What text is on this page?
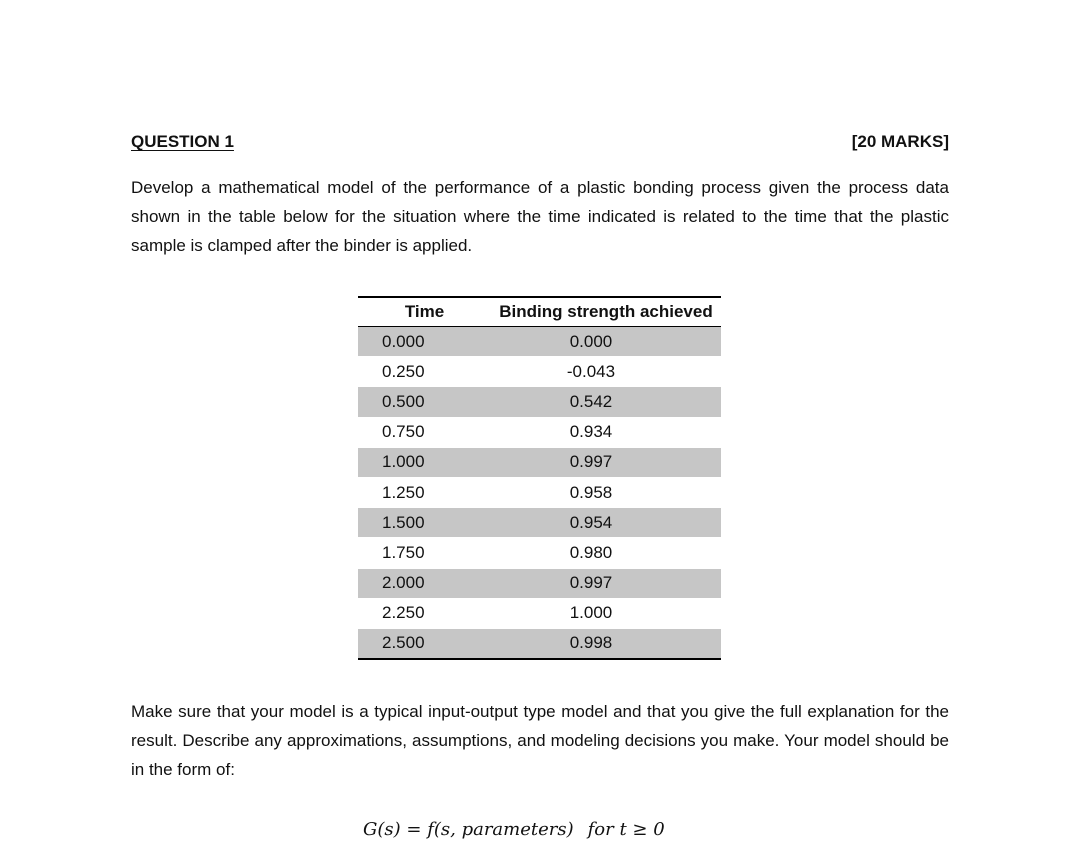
QUESTION 1	[20 MARKS]
Develop a mathematical model of the performance of a plastic bonding process given the process data shown in the table below for the situation where the time indicated is related to the time that the plastic sample is clamped after the binder is applied.
Make sure that your model is a typical input-output type model and that you give the full explanation for the result. Describe any approximations, assumptions, and modeling decisions you make. Your model should be in the form of:
Time	Binding strength achieved
0.000	0.000
0.250	-0.043
0.500	0.542
0.750	0.934
1.000	0.997
1.250	0.958
1.500	0.954
1.750	0.980
2.000	0.997
2.250	1.000
2.500	0.998
G(s) = f(s, parameters) for t ≥ 0
